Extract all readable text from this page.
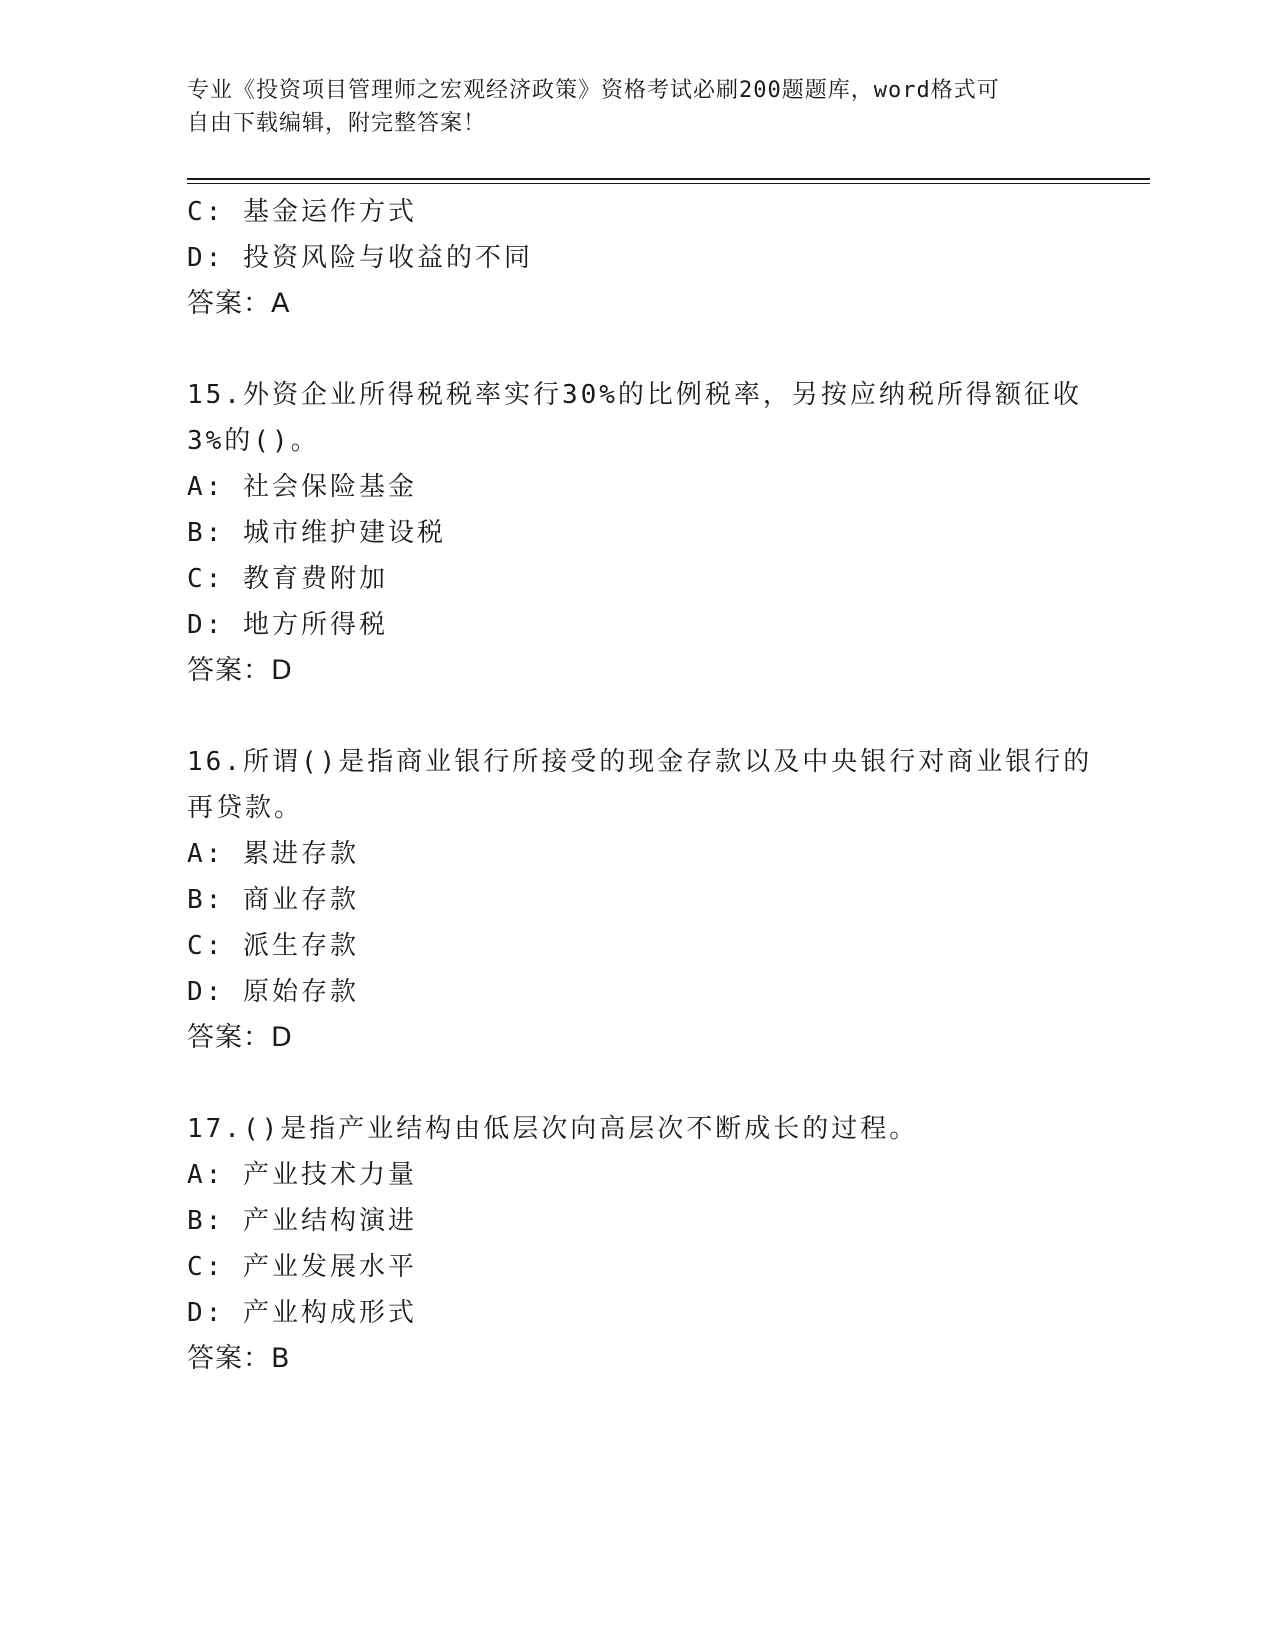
专业《投资项目管理师之宏观经济政策》资格考试必刷200题题库，word格式可
自由下载编辑，附完整答案！
C: 基金运作方式
D: 投资风险与收益的不同
答案：A
15.外资企业所得税税率实行30%的比例税率，另按应纳税所得额征收
3%的()。
A: 社会保险基金
B: 城市维护建设税
C: 教育费附加
D: 地方所得税
答案：D
16.所谓()是指商业银行所接受的现金存款以及中央银行对商业银行的
再贷款。
A: 累进存款
B: 商业存款
C: 派生存款
D: 原始存款
答案：D
17.()是指产业结构由低层次向高层次不断成长的过程。
A: 产业技术力量
B: 产业结构演进
C: 产业发展水平
D: 产业构成形式
答案：B
